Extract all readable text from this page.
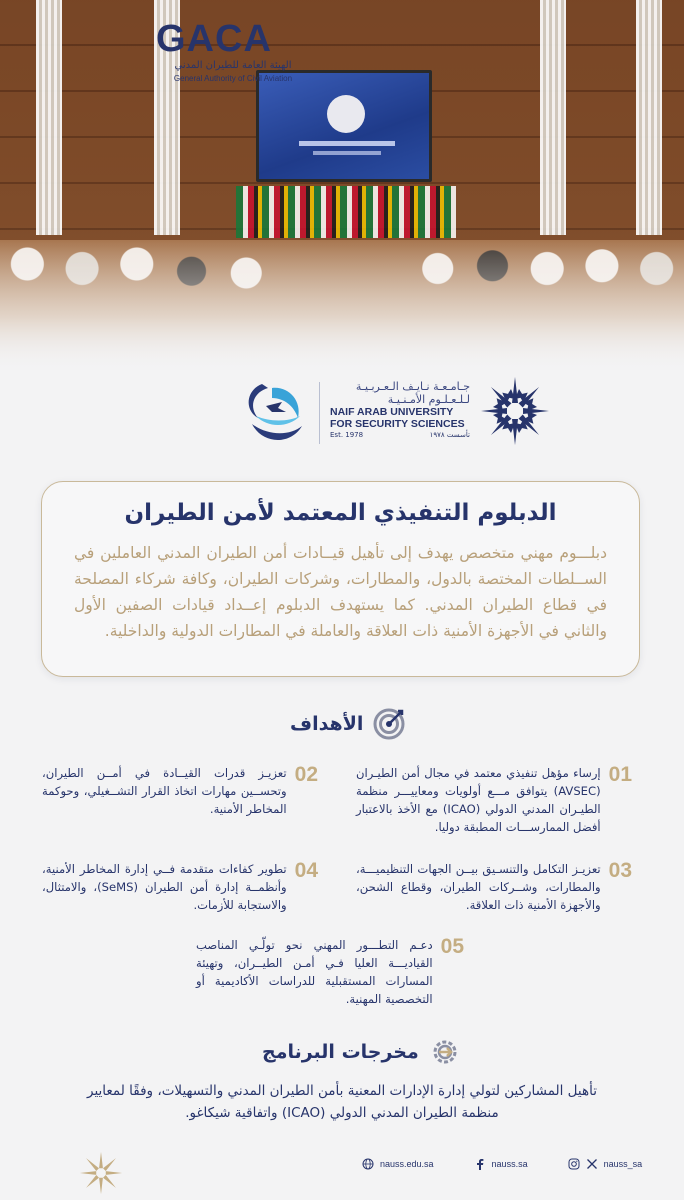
GACA
الهيئة العامة للطيران المدني
General Authority of Civil Aviation
جـامـعـة نـايـف الـعـربـيـة
لـلـعـلـوم الأمـنـيـة
NAIF ARAB UNIVERSITY
FOR SECURITY SCIENCES
Est. 1978	تأسست ١٩٧٨
الدبلوم التنفيذي المعتمد لأمن الطيران
دبلـــوم مهني متخصص يهدف إلى تأهيل قيــادات أمن الطيران المدني العاملين في الســلطات المختصة بالدول، والمطارات، وشركات الطيران، وكافة شركاء المصلحة في قطاع الطيران المدني. كما يستهدف الدبلوم إعــداد قيادات الصفين الأول والثاني في الأجهزة الأمنية ذات العلاقة والعاملة في المطارات الدولية والداخلية.
الأهداف
01
إرساء مؤهل تنفيذي معتمد في مجال أمن الطيـران (AVSEC) يتوافق مـــع أولويات ومعاييـــر منظمة الطيـران المدني الدولي (ICAO) مع الأخذ بالاعتبار أفضل الممارســـات المطبقة دوليا.
02
تعزيـز قدرات القيــادة في أمــن الطيران، وتحســين مهارات اتخاذ القرار التشــغيلي، وحوكمة المخاطر الأمنية.
03
تعزيـز التكامل والتنسـيق بيــن الجهات التنظيميـــة، والمطارات، وشــركات الطيران، وقطاع الشحن، والأجهزة الأمنية ذات العلاقة.
04
تطوير كفاءات متقدمة فــي إدارة المخاطر الأمنية، وأنظمــة إدارة أمن الطيران (SeMS)، والامتثال، والاستجابة للأزمات.
05
دعـم التطـــور المهني نحو تولّـي المناصب القياديـــة العليا فـي أمـن الطيــران، وتهيئة المسارات المستقبلية للدراسات الأكاديمية أو التخصصية المهنية.
مخرجات البرنامج
تأهيل المشاركين لتولي إدارة الإدارات المعنية بأمن الطيران المدني والتسهيلات، وفقًا لمعايير منظمة الطيران المدني الدولي (ICAO) واتفاقية شيكاغو.
nauss.edu.sa	nauss.sa	nauss_sa
